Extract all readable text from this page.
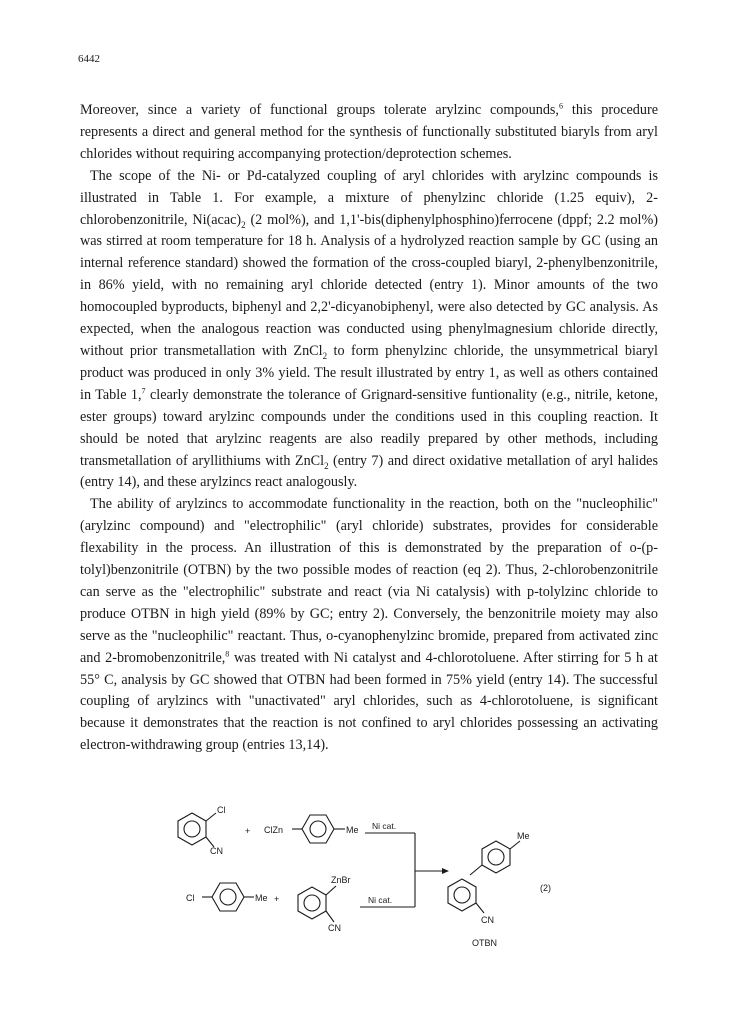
6442

Moreover, since a variety of functional groups tolerate arylzinc compounds,$^6$ this procedure represents a direct and general method for the synthesis of functionally substituted biaryls from aryl chlorides without requiring accompanying protection/deprotection schemes.

The scope of the Ni- or Pd-catalyzed coupling of aryl chlorides with arylzinc compounds is illustrated in Table 1. For example, a mixture of phenylzinc chloride (1.25 equiv), 2-chlorobenzonitrile, $Ni(acac)_2$ (2 mol%), and 1,1'-bis(diphenylphosphino)ferrocene (dppf; 2.2 mol%) was stirred at room temperature for 18 h. Analysis of a hydrolyzed reaction sample by GC (using an internal reference standard) showed the formation of the cross-coupled biaryl, 2-phenylbenzonitrile, in 86% yield, with no remaining aryl chloride detected (entry 1). Minor amounts of the two homocoupled byproducts, biphenyl and 2,2'-dicyanobiphenyl, were also detected by GC analysis. As expected, when the analogous reaction was conducted using phenylmagnesium chloride directly, without prior transmetallation with ZnCl$_2$ to form phenylzinc chloride, the unsymmetrical biaryl product was produced in only 3% yield. The result illustrated by entry 1, as well as others contained in Table 1,$^7$ clearly demonstrate the tolerance of Grignard-sensitive funtionality (e.g., nitrile, ketone, ester groups) toward arylzinc compounds under the conditions used in this coupling reaction. It should be noted that arylzinc reagents are also readily prepared by other methods, including transmetallation of aryllithiums with ZnCl$_2$ (entry 7) and direct oxidative metallation of aryl halides (entry 14), and these arylzincs react analogously.

The ability of arylzincs to accommodate functionality in the reaction, both on the "nucleophilic" (arylzinc compound) and "electrophilic" (aryl chloride) substrates, provides for considerable flexability in the process. An illustration of this is demonstrated by the preparation of o-(p-tolyl)benzonitrile (OTBN) by the two possible modes of reaction (eq 2). Thus, 2-chlorobenzonitrile can serve as the "electrophilic" substrate and react (via Ni catalysis) with p-tolylzinc chloride to produce OTBN in high yield (89% by GC; entry 2). Conversely, the benzonitrile moiety may also serve as the "nucleophilic" reactant. Thus, o-cyanophenylzinc bromide, prepared from activated zinc and 2-bromobenzonitrile,$^8$ was treated with Ni catalyst and 4-chlorotoluene. After stirring for 5 h at 55° C, analysis by GC showed that OTBN had been formed in 75% yield (entry 14). The successful coupling of arylzincs with "unactivated" aryl chlorides, such as 4-chlorotoluene, is significant because it demonstrates that the reaction is not confined to aryl chlorides possessing an activating electron-withdrawing group (entries 13,14).

Cl
CN
+ ClZn	Me Ni cat.
Cl	Me +
ZnBr
CN
Ni cat.
Me
CN
OTBN
(2)
